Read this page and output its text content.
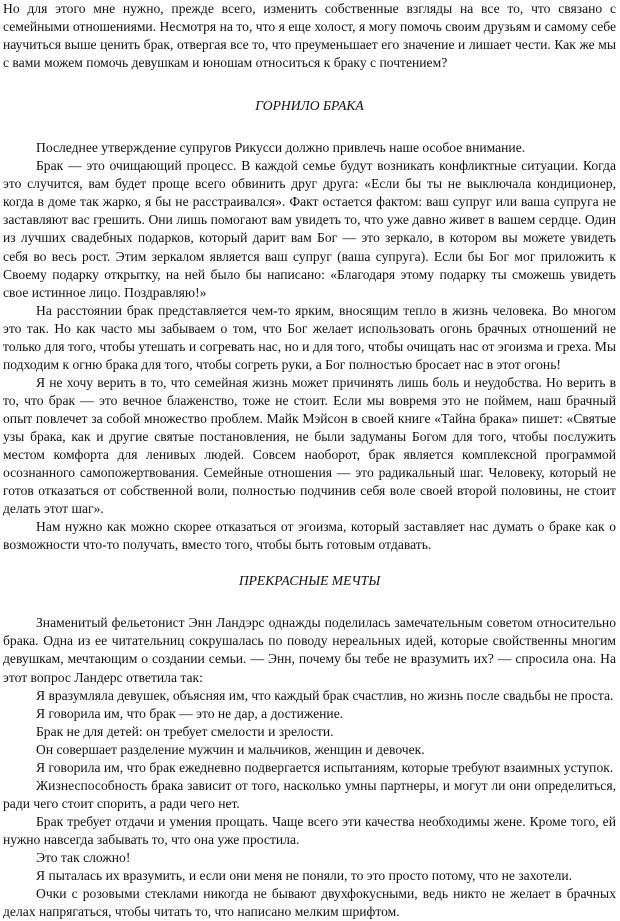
Но для этого мне нужно, прежде всего, изменить собственные взгляды на все то, что связано с семейными отношениями. Несмотря на то, что я еще холост, я могу помочь своим друзьям и самому себе научиться выше ценить брак, отвергая все то, что преуменьшает его значение и лишает чести. Как же мы с вами можем помочь девушкам и юношам относиться к браку с почтением?

ГОРНИЛО БРАКА

Последнее утверждение супругов Рикусси должно привлечь наше особое внимание.

Брак — это очищающий процесс. В каждой семье будут возникать конфликтные ситуации. Когда это случится, вам будет проще всего обвинить друг друга: «Если бы ты не выключала кондиционер, когда в доме так жарко, я бы не расстраивался». Факт остается фактом: ваш супруг или ваша супруга не заставляют вас грешить. Они лишь помогают вам увидеть то, что уже давно живет в вашем сердце. Один из лучших свадебных подарков, который дарит вам Бог — это зеркало, в котором вы можете увидеть себя во весь рост. Этим зеркалом является ваш супруг (ваша супруга). Если бы Бог мог приложить к Своему подарку открытку, на ней было бы написано: «Благодаря этому подарку ты сможешь увидеть свое истинное лицо. Поздравляю!»

На расстоянии брак представляется чем-то ярким, вносящим тепло в жизнь человека. Во многом это так. Но как часто мы забываем о том, что Бог желает использовать огонь брачных отношений не только для того, чтобы утешать и согревать нас, но и для того, чтобы очищать нас от эгоизма и греха. Мы подходим к огню брака для того, чтобы согреть руки, а Бог полностью бросает нас в этот огонь!

Я не хочу верить в то, что семейная жизнь может причинять лишь боль и неудобства. Но верить в то, что брак — это вечное блаженство, тоже не стоит. Если мы вовремя это не поймем, наш брачный опыт повлечет за собой множество проблем. Майк Мэйсон в своей книге «Тайна брака» пишет: «Святые узы брака, как и другие святые постановления, не были задуманы Богом для того, чтобы послужить местом комфорта для ленивых людей. Совсем наоборот, брак является комплексной программой осознанного самопожертвования. Семейные отношения — это радикальный шаг. Человеку, который не готов отказаться от собственной воли, полностью подчинив себя воле своей второй половины, не стоит делать этот шаг».

Нам нужно как можно скорее отказаться от эгоизма, который заставляет нас думать о браке как о возможности что-то получать, вместо того, чтобы быть готовым отдавать.

ПРЕКРАСНЫЕ МЕЧТЫ

Знаменитый фельетонист Энн Ландэрс однажды поделилась замечательным советом относительно брака. Одна из ее читательниц сокрушалась по поводу нереальных идей, которые свойственны многим девушкам, мечтающим о создании семьи. — Энн, почему бы тебе не вразумить их? — спросила она. На этот вопрос Ландерс ответила так:

Я вразумляла девушек, объясняя им, что каждый брак счастлив, но жизнь после свадьбы не проста.

Я говорила им, что брак — это не дар, а достижение.

Брак не для детей: он требует смелости и зрелости.

Он совершает разделение мужчин и мальчиков, женщин и девочек.

Я говорила им, что брак ежедневно подвергается испытаниям, которые требуют взаимных уступок.

Жизнеспособность брака зависит от того, насколько умны партнеры, и могут ли они определиться, ради чего стоит спорить, а ради чего нет.

Брак требует отдачи и умения прощать. Чаще всего эти качества необходимы жене. Кроме того, ей нужно навсегда забывать то, что она уже простила.

Это так сложно!

Я пыталась их вразумить, и если они меня не поняли, то это просто потому, что не захотели.

Очки с розовыми стеклами никогда не бывают двухфокусными, ведь никто не желает в брачных делах напрягаться, чтобы читать то, что написано мелким шрифтом.
